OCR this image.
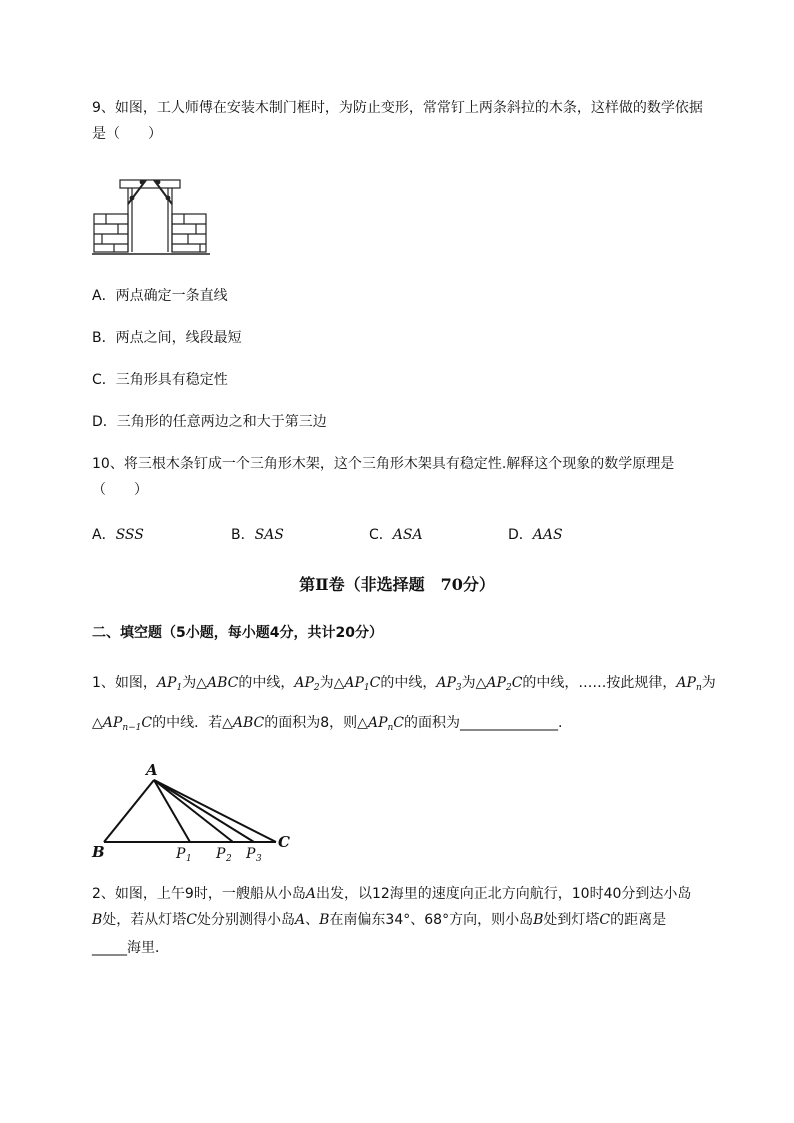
9、如图，工人师傅在安装木制门框时，为防止变形，常常钉上两条斜拉的木条，这样做的数学依据
是（　　）
A．两点确定一条直线
B．两点之间，线段最短
C．三角形具有稳定性
D．三角形的任意两边之和大于第三边
10、将三根木条钉成一个三角形木架，这个三角形木架具有稳定性.解释这个现象的数学原理是
（　　）
A．SSS	B．SAS	C．ASA	D．AAS
第Ⅱ卷（非选择题　70分）
二、填空题（5小题，每小题4分，共计20分）
1、如图，$AP_1$为△ABC的中线，$AP_2$为$\triangle AP_1C$的中线，$AP_3$为$\triangle AP_2C$的中线，……按此规律，$AP_n$为
$\triangle AP_{n-1}C$的中线．若△ABC的面积为8，则$\triangle AP_nC$的面积为______________.
A
B
C
P 1 P 2 P 3
2、如图，上午9时，一艘船从小岛A出发，以12海里的速度向正北方向航行，10时40分到达小岛
B处，若从灯塔C处分别测得小岛A、B在南偏东34°、68°方向，则小岛B处到灯塔C的距离是
_____海里．
